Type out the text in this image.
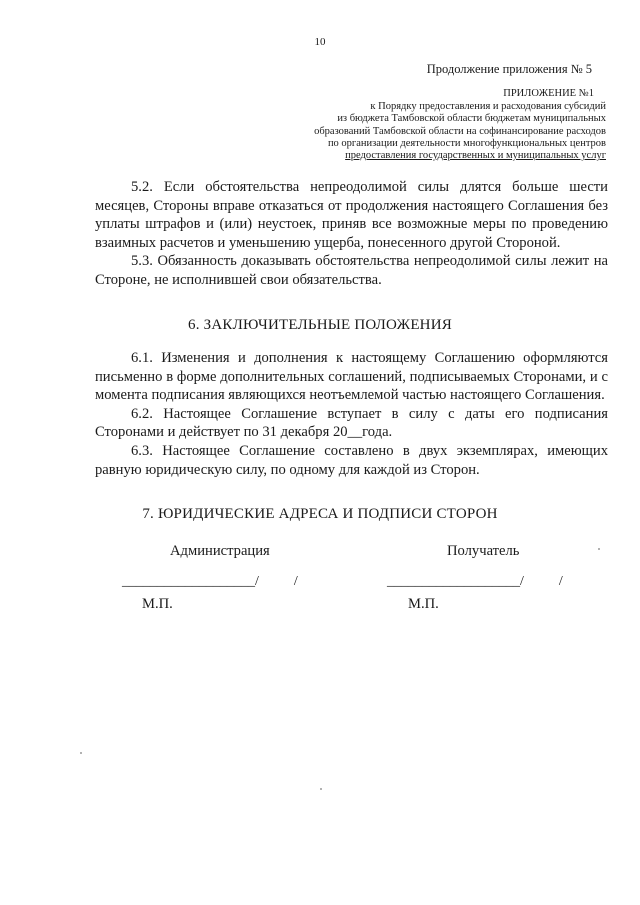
10
Продолжение приложения № 5
ПРИЛОЖЕНИЕ №1
к Порядку предоставления и расходования субсидий
из бюджета Тамбовской области бюджетам муниципальных
образований Тамбовской области на софинансирование расходов
по организации деятельности многофункциональных центров
предоставления государственных и муниципальных услуг

5.2. Если обстоятельства непреодолимой силы длятся больше шести месяцев, Стороны вправе отказаться от продолжения настоящего Соглашения без уплаты штрафов и (или) неустоек, приняв все возможные меры по проведению взаимных расчетов и уменьшению ущерба, понесенного другой Стороной.

5.3. Обязанность доказывать обстоятельства непреодолимой силы лежит на Стороне, не исполнившей свои обязательства.

6. ЗАКЛЮЧИТЕЛЬНЫЕ ПОЛОЖЕНИЯ

6.1. Изменения и дополнения к настоящему Соглашению оформляются письменно в форме дополнительных соглашений, подписываемых Сторонами, и с момента подписания являющихся неотъемлемой частью настоящего Соглашения.

6.2. Настоящее Соглашение вступает в силу с даты его подписания Сторонами и действует по 31 декабря 20__года.

6.3. Настоящее Соглашение составлено в двух экземплярах, имеющих равную юридическую силу, по одному для каждой из Сторон.

7. ЮРИДИЧЕСКИЕ АДРЕСА И ПОДПИСИ СТОРОН
Администрация	Получатель
___________________/          /	___________________/          /
М.П.	М.П.
